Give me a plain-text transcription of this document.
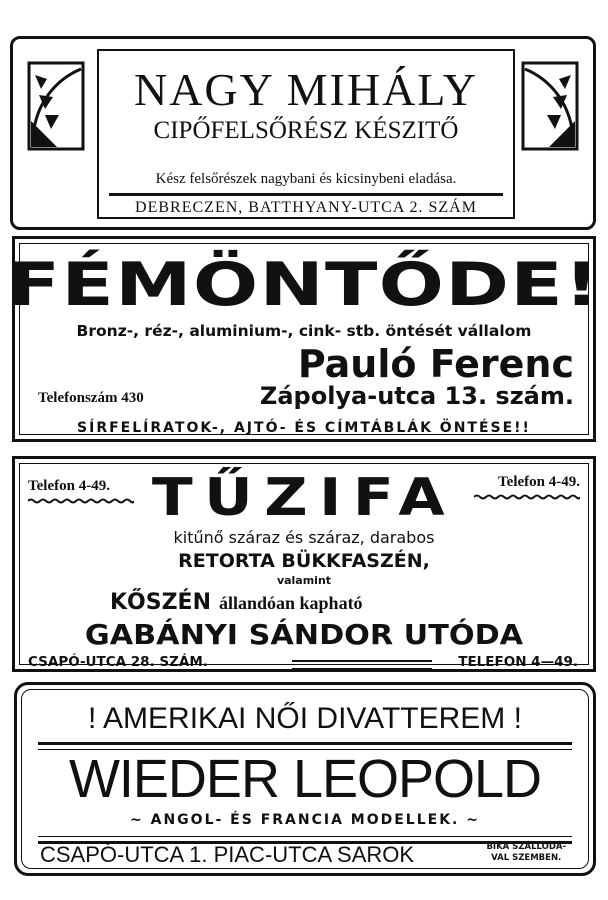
NAGY MIHÁLY
CIPŐFELSŐRÉSZ KÉSZITŐ
Kész felsőrészek nagybani és kicsinybeni eladása.
DEBRECZEN, BATTHYANY-UTCA 2. SZÁM
FÉMÖNTŐDE!
Bronz-, réz-, aluminium-, cink- stb. öntését vállalom
Pauló Ferenc
Telefonszám 430	Zápolya-utca 13. szám.
SÍRFELÍRATOK-, AJTÓ- ÉS CÍMTÁBLÁK ÖNTÉSE!!
Telefon 4-49.	Telefon 4-49.
TŰZIFA
kitűnő száraz és száraz, darabos
RETORTA BÜKKFASZÉN,
valamint
KŐSZÉN állandóan kapható
GABÁNYI SÁNDOR UTÓDA
CSAPÓ-UTCA 28. SZÁM.	TELEFON 4—49.
! AMERIKAI NŐI DIVATTEREM !
WIEDER LEOPOLD
~ ANGOL- ÉS FRANCIA MODELLEK. ~
CSAPÓ-UTCA 1. PIAC-UTCA SAROK	BIKA SZÁLLODÁ-
VAL SZEMBEN.
